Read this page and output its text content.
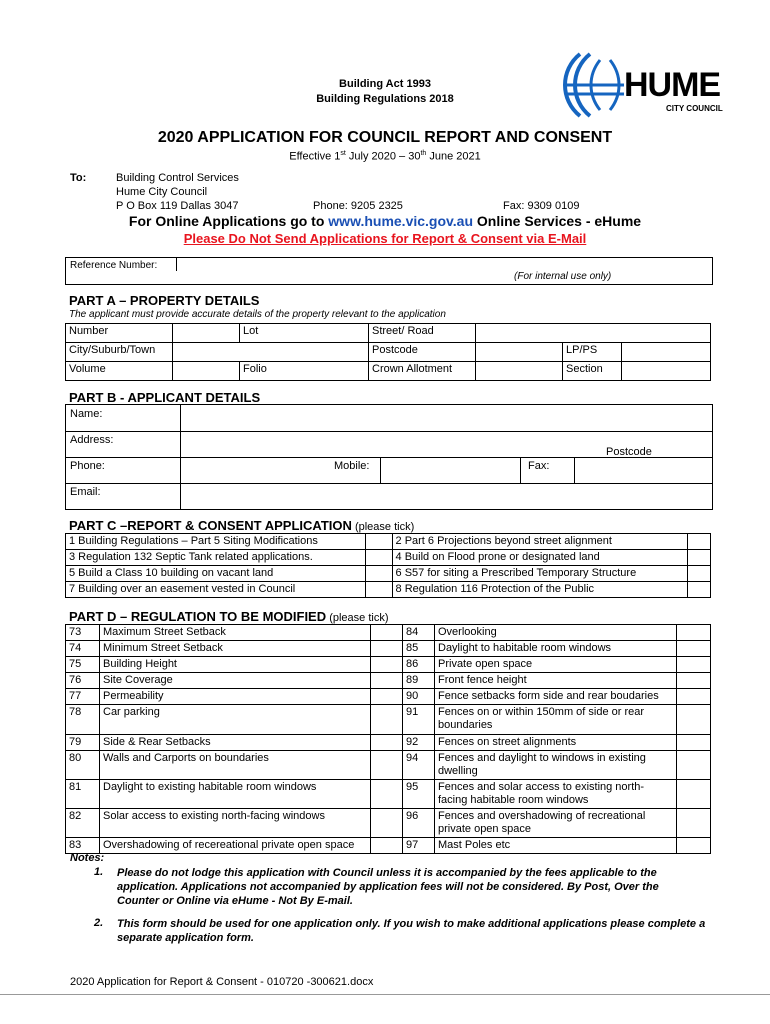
Building Act 1993
Building Regulations 2018	HUME
CITY COUNCIL
2020 APPLICATION FOR COUNCIL REPORT AND CONSENT
Effective 1st July 2020 – 30th June 2021
To:	Building Control Services
Hume City Council
P O Box 119 Dallas 3047	Phone: 9205 2325	Fax: 9309 0109
For Online Applications go to www.hume.vic.gov.au Online Services - eHume
Please Do Not Send Applications for Report & Consent via E-Mail
Reference Number:
(For internal use only)
PART A – PROPERTY DETAILS
The applicant must provide accurate details of the property relevant to the application
Number		Lot	Street/ Road			
City/Suburb/Town			Postcode		LP/PS	
Volume		Folio	Crown Allotment		Section	
PART B - APPLICANT DETAILS
Name:
Address:
Postcode
Phone:	Mobile:	Fax:
Email:
PART C –REPORT & CONSENT APPLICATION (please tick)
1 Building Regulations – Part 5 Siting Modifications		2 Part 6 Projections beyond street alignment	
3 Regulation 132 Septic Tank related applications.		4 Build on Flood prone or designated land	
5 Build a Class 10 building on vacant land		6 S57 for siting a Prescribed Temporary Structure	
7 Building over an easement vested in Council		8 Regulation 116 Protection of the Public	
PART D – REGULATION TO BE MODIFIED (please tick)
73	Maximum Street Setback		84	Overlooking	
74	Minimum Street Setback		85	Daylight to habitable room windows	
75	Building Height		86	Private open space	
76	Site Coverage		89	Front fence height	
77	Permeability		90	Fence setbacks form side and rear boudaries	
78	Car parking		91	Fences on or within 150mm of side or rear boundaries	
79	Side & Rear Setbacks		92	Fences on street alignments	
80	Walls and Carports on boundaries		94	Fences and daylight to windows in existing dwelling	
81	Daylight to existing habitable room windows		95	Fences and solar access to existing north-facing habitable room windows	
82	Solar access to existing north-facing windows		96	Fences and overshadowing of recreational private open space	
83	Overshadowing of recereational private open space		97	Mast Poles etc	
Notes:
1. Please do not lodge this application with Council unless it is accompanied by the fees applicable to the application. Applications not accompanied by application fees will not be considered. By Post, Over the Counter or Online via eHume - Not By E-mail.
2. This form should be used for one application only. If you wish to make additional applications please complete a separate application form.
2020 Application for Report & Consent - 010720 -300621.docx
